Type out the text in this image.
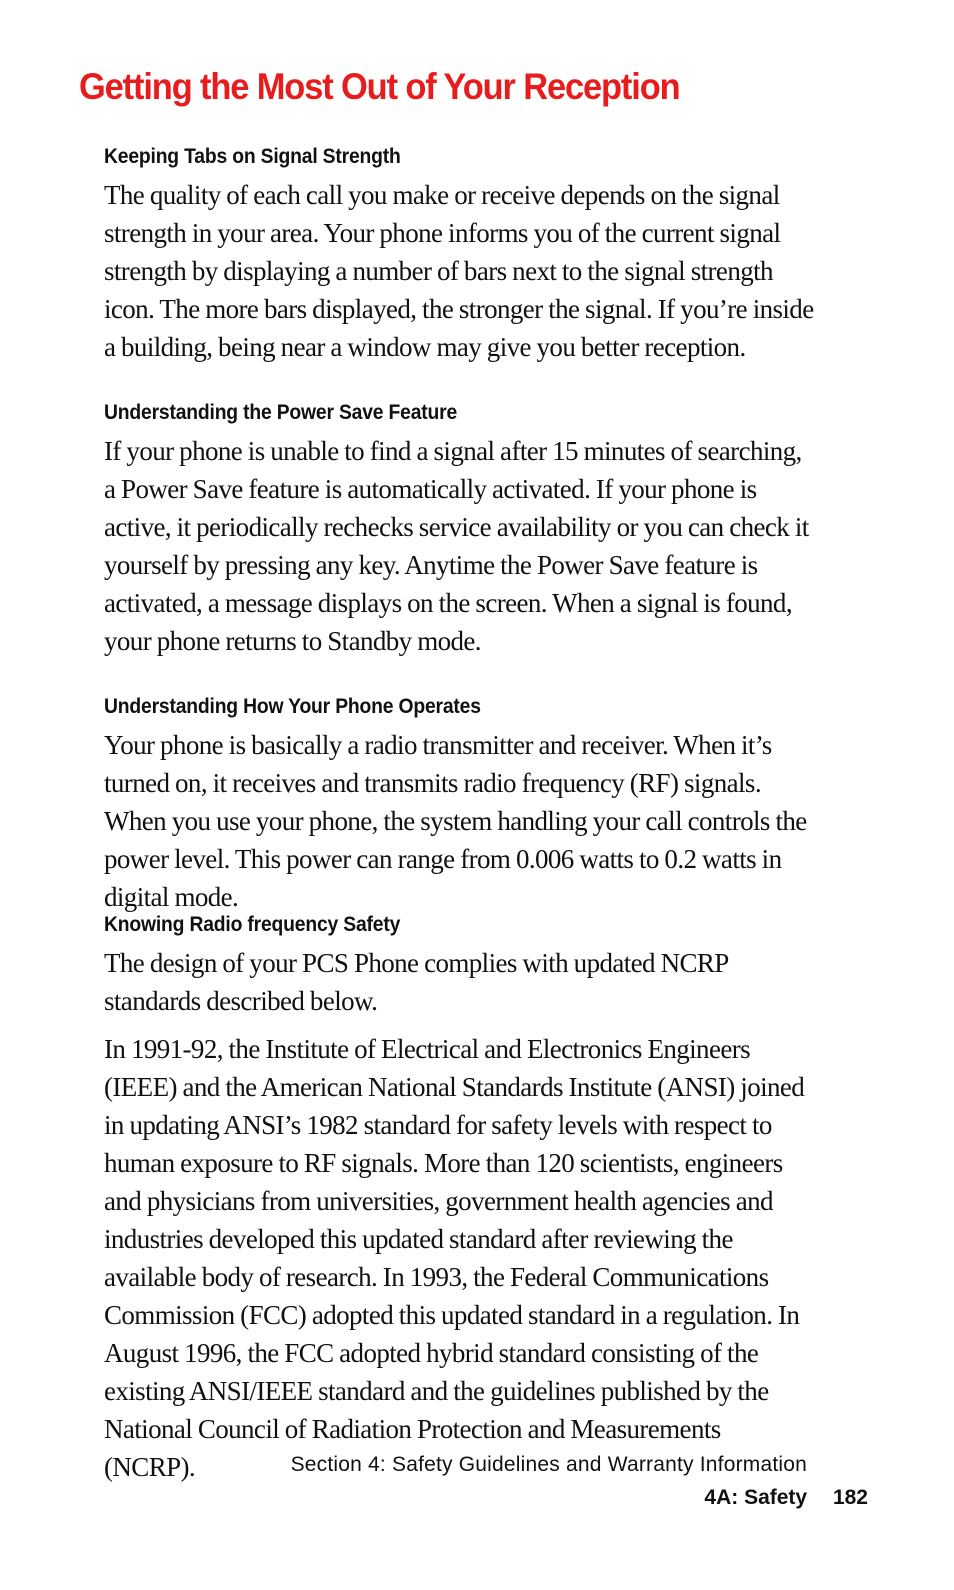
Getting the Most Out of Your Reception
Keeping Tabs on Signal Strength

The quality of each call you make or receive depends on the signal strength in your area. Your phone informs you of the current signal strength by displaying a number of bars next to the signal strength icon. The more bars displayed, the stronger the signal. If you’re inside a building, being near a window may give you better reception.

Understanding the Power Save Feature

If your phone is unable to find a signal after 15 minutes of searching, a Power Save feature is automatically activated. If your phone is active, it periodically rechecks service availability or you can check it yourself by pressing any key. Anytime the Power Save feature is activated, a message displays on the screen. When a signal is found, your phone returns to Standby mode.

Understanding How Your Phone Operates

Your phone is basically a radio transmitter and receiver. When it’s turned on, it receives and transmits radio frequency (RF) signals. When you use your phone, the system handling your call controls the power level. This power can range from 0.006 watts to 0.2 watts in digital mode.

Knowing Radio frequency Safety

The design of your PCS Phone complies with updated NCRP standards described below.

In 1991-92, the Institute of Electrical and Electronics Engineers (IEEE) and the American National Standards Institute (ANSI) joined in updating ANSI’s 1982 standard for safety levels with respect to human exposure to RF signals. More than 120 scientists, engineers and physicians from universities, government health agencies and industries developed this updated standard after reviewing the available body of research. In 1993, the Federal Communications Commission (FCC) adopted this updated standard in a regulation. In August 1996, the FCC adopted hybrid standard consisting of the existing ANSI/IEEE standard and the guidelines published by the National Council of Radiation Protection and Measurements (NCRP).	Section 4: Safety Guidelines and Warranty Information
4A: Safety 182
